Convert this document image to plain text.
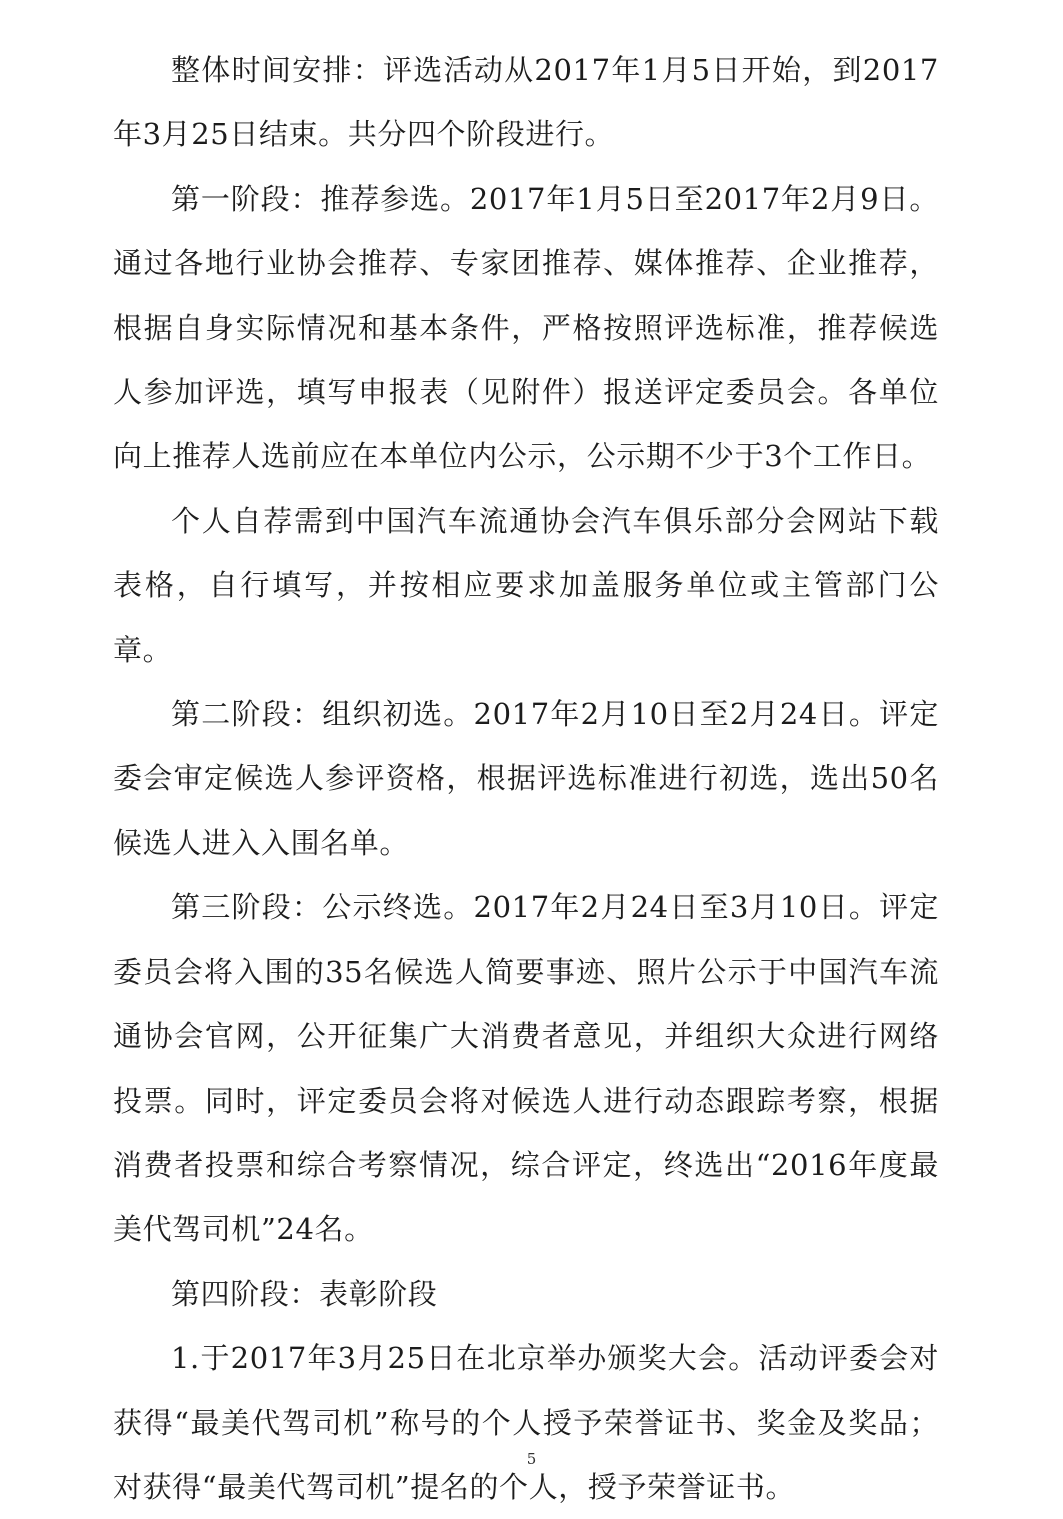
整体时间安排：评选活动从2017年1月5日开始，到2017年3月25日结束。共分四个阶段进行。

第一阶段：推荐参选。2017年1月5日至2017年2月9日。通过各地行业协会推荐、专家团推荐、媒体推荐、企业推荐，根据自身实际情况和基本条件，严格按照评选标准，推荐候选人参加评选，填写申报表（见附件）报送评定委员会。各单位向上推荐人选前应在本单位内公示，公示期不少于3个工作日。

个人自荐需到中国汽车流通协会汽车俱乐部分会网站下载表格，自行填写，并按相应要求加盖服务单位或主管部门公章。

第二阶段：组织初选。2017年2月10日至2月24日。评定委会审定候选人参评资格，根据评选标准进行初选，选出50名候选人进入入围名单。

第三阶段：公示终选。2017年2月24日至3月10日。评定委员会将入围的35名候选人简要事迹、照片公示于中国汽车流通协会官网，公开征集广大消费者意见，并组织大众进行网络投票。同时，评定委员会将对候选人进行动态跟踪考察，根据消费者投票和综合考察情况，综合评定，终选出“2016年度最美代驾司机”24名。

第四阶段：表彰阶段

1.于2017年3月25日在北京举办颁奖大会。活动评委会对获得“最美代驾司机”称号的个人授予荣誉证书、奖金及奖品；对获得“最美代驾司机”提名的个人，授予荣誉证书。

5
